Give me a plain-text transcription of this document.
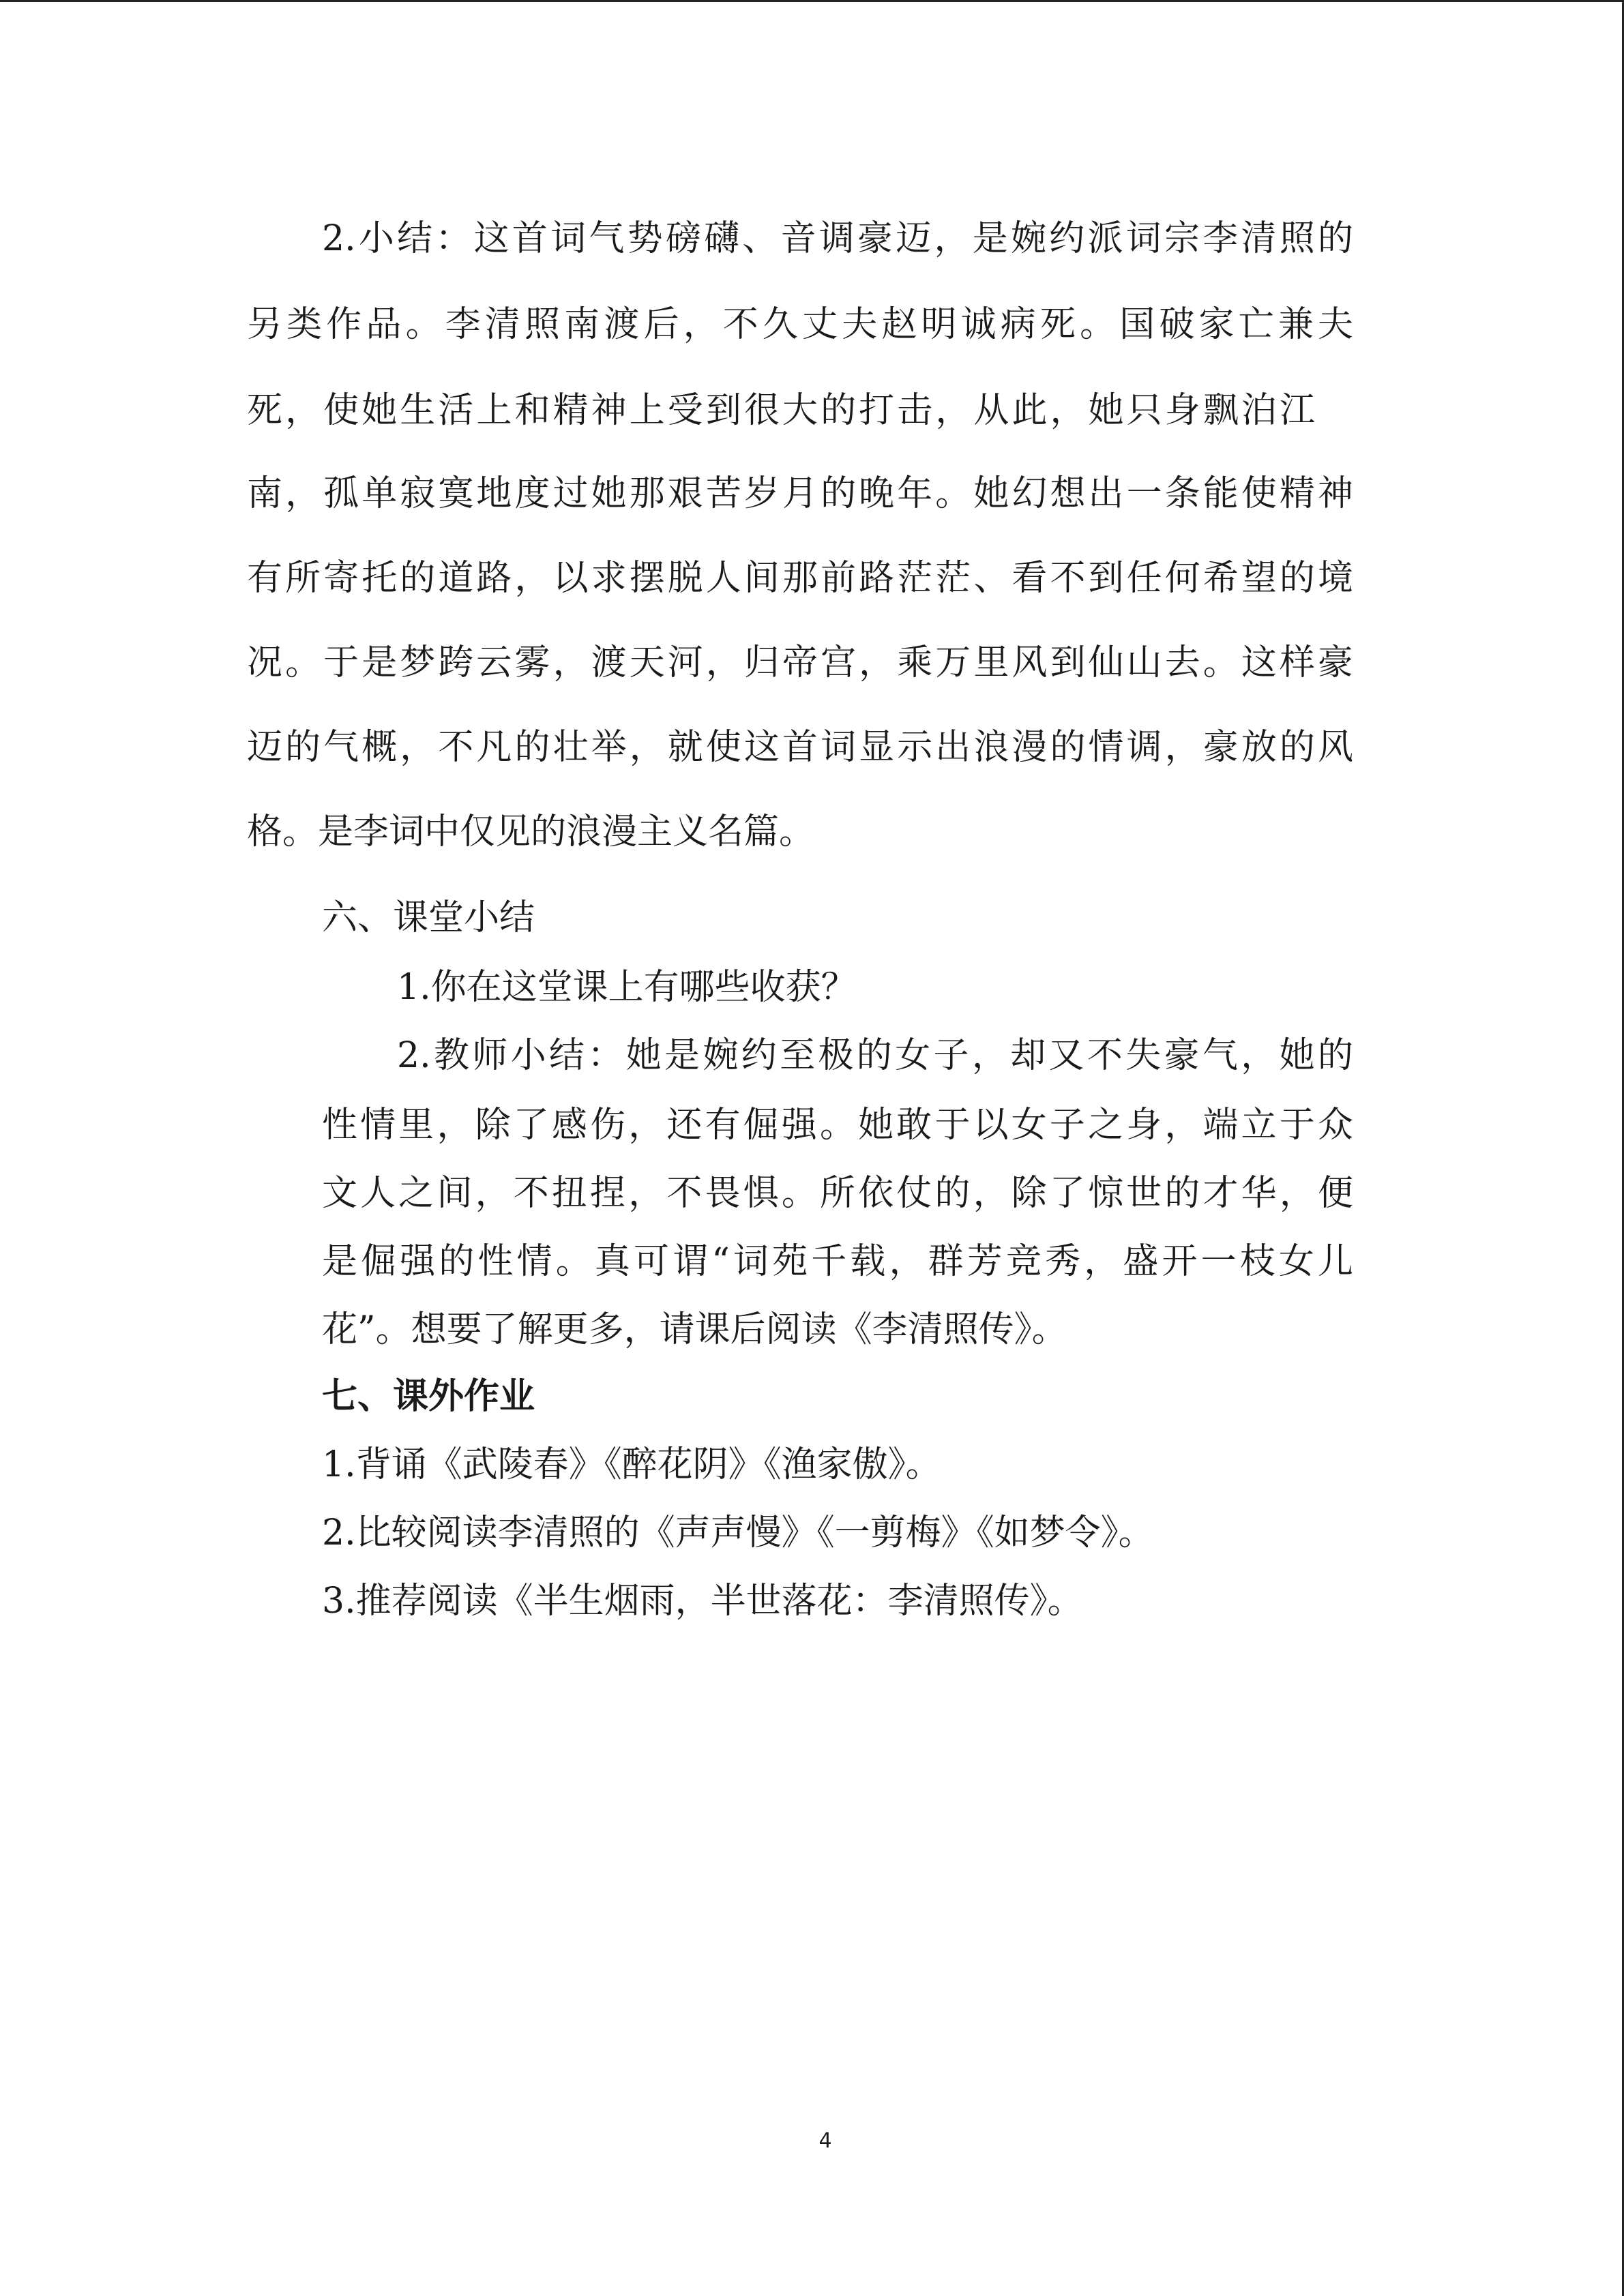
2.小结：这首词气势磅礴、音调豪迈，是婉约派词宗李清照的
另类作品。李清照南渡后，不久丈夫赵明诚病死。国破家亡兼夫
死，使她生活上和精神上受到很大的打击，从此，她只身飘泊江
南，孤单寂寞地度过她那艰苦岁月的晚年。她幻想出一条能使精神
有所寄托的道路，以求摆脱人间那前路茫茫、看不到任何希望的境
况。于是梦跨云雾，渡天河，归帝宫，乘万里风到仙山去。这样豪
迈的气概，不凡的壮举，就使这首词显示出浪漫的情调，豪放的风
格。是李词中仅见的浪漫主义名篇。
六、课堂小结
1.你在这堂课上有哪些收获？
2.教师小结：她是婉约至极的女子，却又不失豪气，她的
性情里，除了感伤，还有倔强。她敢于以女子之身，端立于众
文人之间，不扭捏，不畏惧。所依仗的，除了惊世的才华，便
是倔强的性情。真可谓“词苑千载，群芳竞秀，盛开一枝女儿
花”。想要了解更多，请课后阅读《李清照传》。
七、课外作业
1.背诵《武陵春》《醉花阴》《渔家傲》。
2.比较阅读李清照的《声声慢》《一剪梅》《如梦令》。
3.推荐阅读《半生烟雨，半世落花：李清照传》。
4
